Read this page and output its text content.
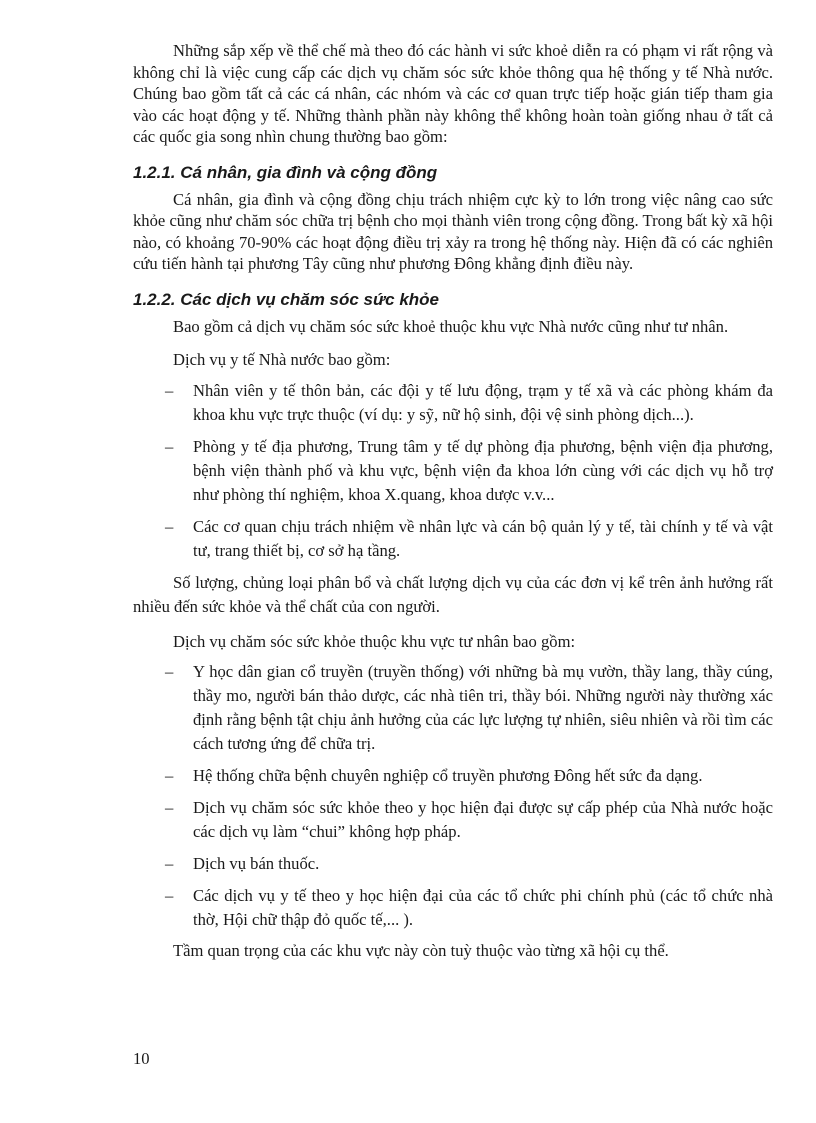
Những sắp xếp về thể chế mà theo đó các hành vi sức khoẻ diễn ra có phạm vi rất rộng và không chỉ là việc cung cấp các dịch vụ chăm sóc sức khỏe thông qua hệ thống y tế Nhà nước. Chúng bao gồm tất cả các cá nhân, các nhóm và các cơ quan trực tiếp hoặc gián tiếp tham gia vào các hoạt động y tế. Những thành phần này không thể không hoàn toàn giống nhau ở tất cả các quốc gia song nhìn chung thường bao gồm:

1.2.1. Cá nhân, gia đình và cộng đồng

Cá nhân, gia đình và cộng đồng chịu trách nhiệm cực kỳ to lớn trong việc nâng cao sức khỏe cũng như chăm sóc chữa trị bệnh cho mọi thành viên trong cộng đồng. Trong bất kỳ xã hội nào, có khoảng 70-90% các hoạt động điều trị xảy ra trong hệ thống này. Hiện đã có các nghiên cứu tiến hành tại phương Tây cũng như phương Đông khẳng định điều này.

1.2.2. Các dịch vụ chăm sóc sức khỏe

Bao gồm cả dịch vụ chăm sóc sức khoẻ thuộc khu vực Nhà nước cũng như tư nhân.

Dịch vụ y tế Nhà nước bao gồm:

– Nhân viên y tế thôn bản, các đội y tế lưu động, trạm y tế xã và các phòng khám đa khoa khu vực trực thuộc (ví dụ: y sỹ, nữ hộ sinh, đội vệ sinh phòng dịch...).
– Phòng y tế địa phương, Trung tâm y tế dự phòng địa phương, bệnh viện địa phương, bệnh viện thành phố và khu vực, bệnh viện đa khoa lớn cùng với các dịch vụ hỗ trợ như phòng thí nghiệm, khoa X.quang, khoa dược v.v...
– Các cơ quan chịu trách nhiệm về nhân lực và cán bộ quản lý y tế, tài chính y tế và vật tư, trang thiết bị, cơ sở hạ tầng.

Số lượng, chủng loại phân bổ và chất lượng dịch vụ của các đơn vị kể trên ảnh hưởng rất nhiều đến sức khỏe và thể chất của con người.

Dịch vụ chăm sóc sức khỏe thuộc khu vực tư nhân bao gồm:

– Y học dân gian cổ truyền (truyền thống) với những bà mụ vườn, thầy lang, thầy cúng, thầy mo, người bán thảo dược, các nhà tiên tri, thầy bói. Những người này thường xác định rằng bệnh tật chịu ảnh hưởng của các lực lượng tự nhiên, siêu nhiên và rồi tìm các cách tương ứng để chữa trị.
– Hệ thống chữa bệnh chuyên nghiệp cổ truyền phương Đông hết sức đa dạng.
– Dịch vụ chăm sóc sức khỏe theo y học hiện đại được sự cấp phép của Nhà nước hoặc các dịch vụ làm “chui” không hợp pháp.
– Dịch vụ bán thuốc.
– Các dịch vụ y tế theo y học hiện đại của các tổ chức phi chính phủ (các tổ chức nhà thờ, Hội chữ thập đỏ quốc tế,... ).

Tầm quan trọng của các khu vực này còn tuỳ thuộc vào từng xã hội cụ thể.

10
